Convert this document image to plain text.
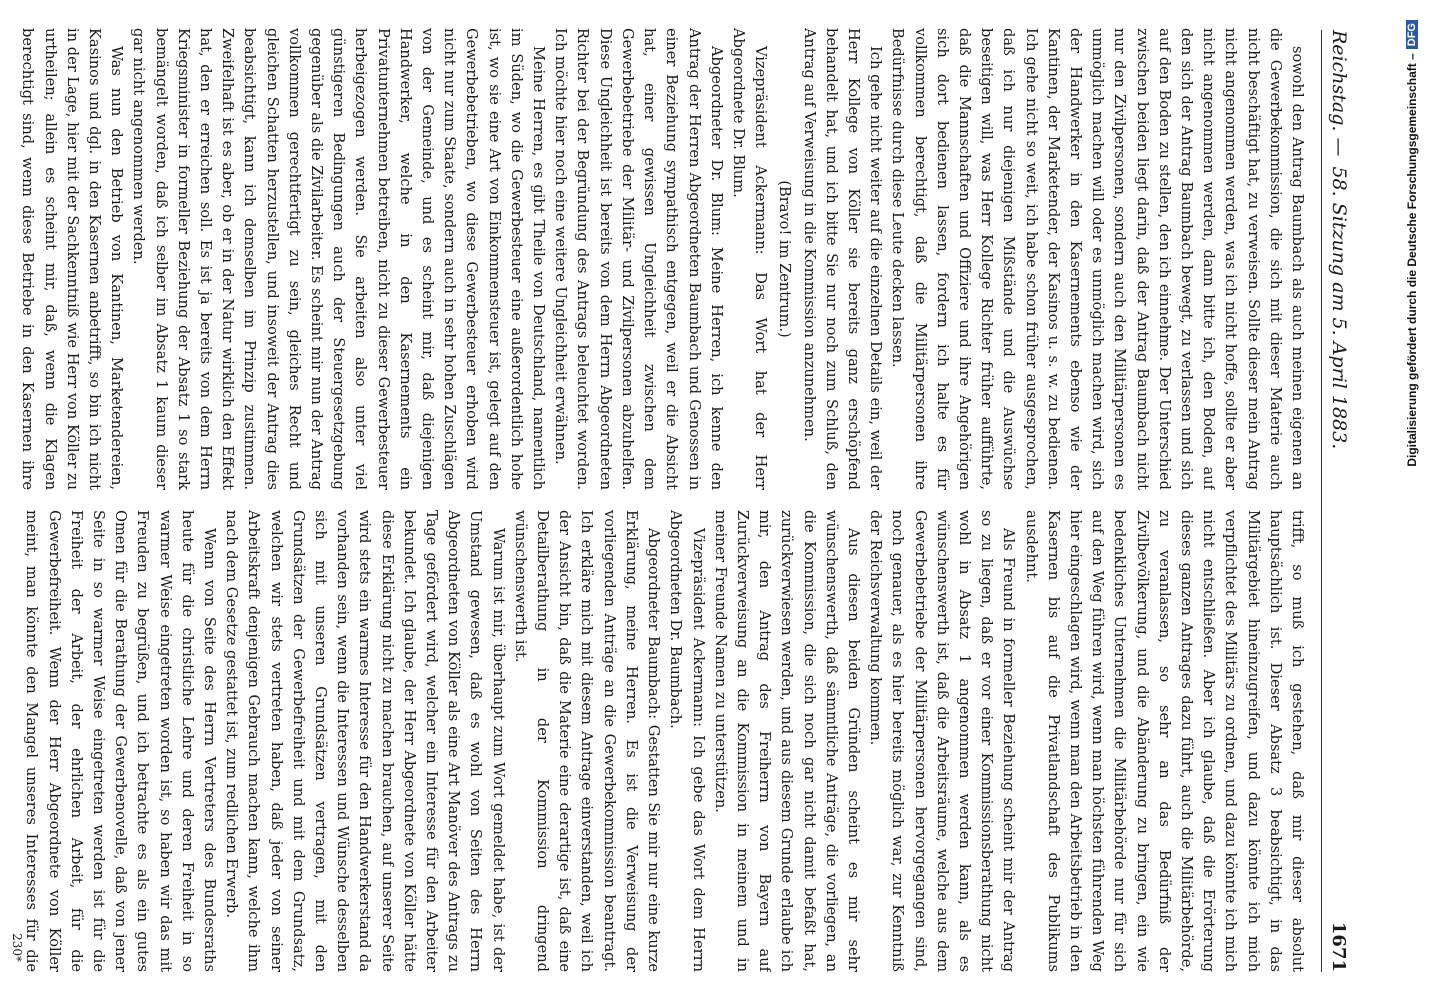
Reichstag. —
58. Sitzung am 5. April 1883.
1671
sowohl den Antrag Baumbach als auch meinen eigenen an die Gewerbekommission, die sich mit dieser Materie auch nicht beschäftigt hat, zu verweisen. Sollte dieser mein Antrag nicht angenommen werden, was ich nicht hoffe, sollte er aber nicht angenommen werden, dann bitte ich, den Boden, auf den sich der Antrag Baumbach bewegt, zu verlassen und sich auf den Boden zu stellen, den ich einnehme. Der Unterschied zwischen beiden liegt darin, daß der Antrag Baumbach nicht nur den Zivilpersonen, sondern auch den Militärpersonen es unmöglich machen will oder es unmöglich machen wird, sich der Handwerker in den Kasernements ebenso wie der Kantinen, der Marketender, der Kasinos u. s. w. zu bedienen. Ich gehe nicht so weit, ich habe schon früher ausgesprochen, daß ich nur diejenigen Mißstände und die Auswüchse beseitigen will, was Herr Kollege Richter früher aufführte, daß die Mannschaften und Offiziere und ihre Angehörigen sich dort bedienen lassen, fordern ich halte es für vollkommen berechtigt, daß die Militärpersonen ihre Bedürfnisse durch diese Leute decken lassen.
Ich gehe nicht weiter auf die einzelnen Details ein, weil der Herr Kollege von Köller sie bereits ganz erschöpfend behandelt hat, und ich bitte Sie nur noch zum Schluß, den Antrag auf Verweisung in die Kommission anzunehmen.
(Bravo! im Zentrum.)
Vizepräsident Ackermann: Das Wort hat der Herr Abgeordnete Dr. Blum.
Abgeordneter Dr. Blum: Meine Herren, ich kenne den Antrag der Herren Abgeordneten Baumbach und Genossen in einer Beziehung sympathisch entgegen, weil er die Absicht hat, einer gewissen Ungleichheit zwischen dem Gewerbebetriebe der Militär- und Zivilpersonen abzuhelfen. Diese Ungleichheit ist bereits von dem Herrn Abgeordneten Richter bei der Begründung des Antrags beleuchtet worden. Ich möchte hier noch eine weitere Ungleichheit erwähnen.
Meine Herren, es gibt Theile von Deutschland, namentlich im Süden, wo die Gewerbesteuer eine außerordentlich hohe ist, wo sie eine Art von Einkommensteuer ist, gelegt auf den Gewerbebetrieben, wo diese Gewerbesteuer erhoben wird nicht nur zum Staate, sondern auch in sehr hohen Zuschlägen von der Gemeinde, und es scheint mir, daß diejenigen Handwerker, welche in den Kasernements ein Privatunternehmen betreiben, nicht zu dieser Gewerbesteuer herbeigezogen werden. Sie arbeiten also unter viel günstigeren Bedingungen auch der Steuergesetzgebung gegenüber als die Zivilarbeiter. Es scheint mir nun der Antrag vollkommen gerechtfertigt zu sein, gleiches Recht und gleichen Schatten herzustellen, und insoweit der Antrag dies beabsichtigt, kann ich demselben im Prinzip zustimmen. Zweifelhaft ist es aber, ob er in der Natur wirklich den Effekt hat, den er erreichen soll. Es ist ja bereits von dem Herrn Kriegsminister in formeller Beziehung der Absatz 1 so stark bemängelt worden, daß ich selber im Absatz 1 kaum dieser gar nicht angenommen werden.
Was nun den Betrieb von Kantinen, Marketendereien, Kasinos und dgl. in den Kasernen anbetrifft, so bin ich nicht in der Lage, hier mit der Sachkenntniß wie Herr von Köller zu urtheilen; allein es scheint mir, daß, wenn die Klagen berechtigt sind, wenn diese Betriebe in den Kasernen ihre
trifft, so muß ich gestehen, daß mir dieser absolut hauptsächlich ist. Dieser Absatz 3 beabsichtigt, in das Militärgebiet hineinzugreifen, und dazu könnte ich mich verpflichtet des Militärs zu ordnen, und dazu könnte ich mich nicht entschließen. Aber ich glaube, daß die Erörterung dieses ganzen Antrages dazu führt, auch die Militärbehörde, zu veranlassen, so sehr an das Bedürfniß der Zivilbevölkerung, und die Abänderung zu bringen, ein wie bedenkliches Unternehmen die Militärbehörde nur für sich auf den Weg führen wird, wenn man höchsten führenden Weg hier eingeschlagen wird, wenn man den Arbeitsbetrieb in den Kasernen bis auf die Privatlandschaft des Publikums ausdehnt.
Als Freund in formeller Beziehung scheint mir der Antrag so zu liegen, daß er vor einer Kommissionsberathung nicht wohl in Absatz 1 angenommen werden kann, als es wünschenswerth ist, daß die Arbeitsräume, welche aus dem Gewerbebetriebe der Militärpersonen hervorgegangen sind, noch genauer, als es hier bereits möglich war, zur Kenntniß der Reichsverwaltung kommen.
Aus diesen beiden Gründen scheint es mir sehr wünschenswerth, daß sämmtliche Anträge, die vorliegen, an die Kommission, die sich noch gar nicht damit befaßt hat, zurückverwiesen werden, und aus diesem Grunde erlaube ich mir, den Antrag des Freiherrn von Bayern auf Zurückverweisung an die Kommission in meinem und in meiner Freunde Namen zu unterstützen.
Vizepräsident Ackermann: Ich gebe das Wort dem Herrn Abgeordneten Dr. Baumbach.
Abgeordneter Baumbach: Gestatten Sie mir nur eine kurze Erklärung, meine Herren. Es ist die Verweisung der vorliegenden Anträge an die Gewerbekommission beantragt. Ich erkläre mich mit diesem Antrage einverstanden, weil ich der Ansicht bin, daß die Materie eine derartige ist, daß eine Detailberathung in der Kommission dringend wünschenswerth ist.
Warum ist mir, überhaupt zum Wort gemeldet habe, ist der Umstand gewesen, daß es wohl von Seiten des Herrn Abgeordneten von Köller als eine Art Manöver des Antrags zu Tage gefördert wird, welcher ein Interesse für den Arbeiter bekundet. Ich glaube, der Herr Abgeordnete von Köller hätte diese Erklärung nicht zu machen brauchen, auf unserer Seite wird stets ein warmes Interesse für den Handwerkerstand da vorhanden sein, wenn die Interessen und Wünsche desselben sich mit unseren Grundsätzen vertragen, mit den Grundsätzen der Gewerbefreiheit und mit dem Grundsatz, welchen wir stets vertreten haben, daß jeder von seiner Arbeitskraft denjenigen Gebrauch machen kann, welche ihm nach dem Gesetze gestattet ist, zum redlichen Erwerb.
Wenn von Seite des Herrn Vertreters des Bundesraths heute für die christliche Lehre und deren Freiheit in so warmer Weise eingetreten worden ist, so haben wir das mit Freuden zu begrüßen, und ich betrachte es als ein gutes Omen für die Berathung der Gewerbenovelle, daß von jener Seite in so warmer Weise eingetreten werden ist für die Freiheit der Arbeit, der ehrlichen Arbeit, für die Gewerbefreiheit. Wenn der Herr Abgeordnete von Köller meint, man könnte den Mangel unseres Interesses für die
230*
Digitalisierung gefördert durch die Deutsche Forschungsgemeinschaft –
DFG
